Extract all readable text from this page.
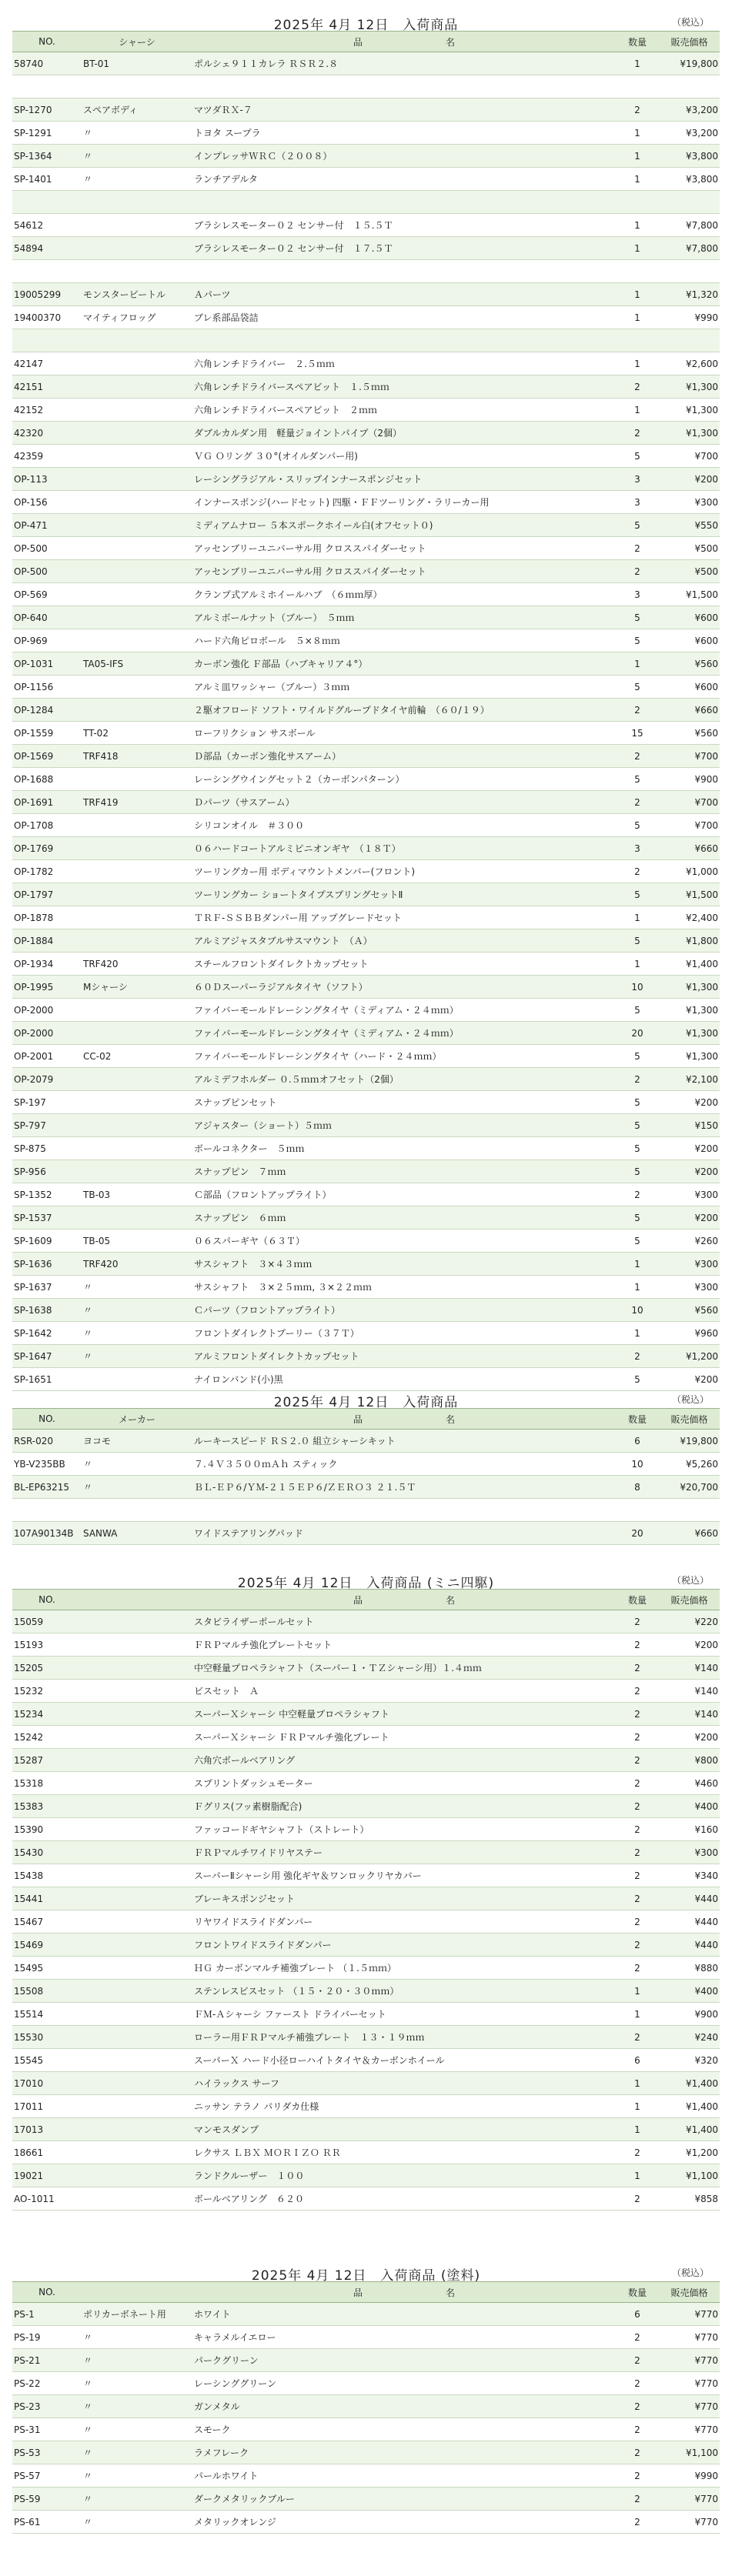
2025年 4月 12日　入荷商品	（税込）
NO.	シャーシ	品　　　　　　　　　名	数量	販売価格
58740	BT-01	ポルシェ９１１カレラ ＲＳＲ２.８	1	¥19,800

SP-1270	スペアボディ	マツダＲＸ-７	2	¥3,200
SP-1291	〃	トヨタ スープラ	1	¥3,200
SP-1364	〃	インプレッサＷＲＣ（２００８）	1	¥3,800
SP-1401	〃	ランチアデルタ	1	¥3,800

54612		ブラシレスモーター０２ センサー付　１５.５Ｔ	1	¥7,800
54894		ブラシレスモーター０２ センサー付　１７.５Ｔ	1	¥7,800

19005299	モンスタービートル	Ａパーツ	1	¥1,320
19400370	マイティフロッグ	ブレ系部品袋詰	1	¥990

42147		六角レンチドライバー　２.５ｍｍ	1	¥2,600
42151		六角レンチドライバースペアビット　１.５ｍｍ	2	¥1,300
42152		六角レンチドライバースペアビット　２ｍｍ	1	¥1,300
42320		ダブルカルダン用　軽量ジョイントパイプ（2個）	2	¥1,300
42359		ＶＧ Ｏリング ３０°(オイルダンパー用)	5	¥700
OP-113		レーシングラジアル・スリップインナースポンジセット	3	¥200
OP-156		インナースポンジ(ハードセット) 四駆・ＦＦツーリング・ラリーカー用	3	¥300
OP-471		ミディアムナロー ５本スポークホイール白(オフセット０)	5	¥550
OP-500		アッセンブリーユニバーサル用 クロススパイダーセット	2	¥500
OP-500		アッセンブリーユニバーサル用 クロススパイダーセット	2	¥500
OP-569		クランプ式アルミホイールハブ　（６ｍｍ厚）	3	¥1,500
OP-640		アルミボールナット（ブルー）　５ｍｍ	5	¥600
OP-969		ハード六角ピロボール　５×８ｍｍ	5	¥600
OP-1031	TA05-IFS	カーボン強化 Ｆ部品（ハブキャリア４°）	1	¥560
OP-1156		アルミ皿ワッシャー（ブルー）３ｍｍ	5	¥600
OP-1284		２駆オフロード ソフト・ワイルドグループドタイヤ前輪　（６０/１９）	2	¥660
OP-1559	TT-02	ローフリクション サスボール	15	¥560
OP-1569	TRF418	Ｄ部品（カーボン強化サスアーム）	2	¥700
OP-1688		レーシングウイングセット２（カーボンパターン）	5	¥900
OP-1691	TRF419	Ｄパーツ（サスアーム）	2	¥700
OP-1708		シリコンオイル　＃３００	5	¥700
OP-1769		０６ハードコートアルミピニオンギヤ　（１８Ｔ）	3	¥660
OP-1782		ツーリングカー用 ボディマウントメンバー(フロント)	2	¥1,000
OP-1797		ツーリングカー ショートタイプスプリングセットⅡ	5	¥1,500
OP-1878		ＴＲＦ-ＳＳＢＢダンパー用 アップグレードセット	1	¥2,400
OP-1884		アルミアジャスタブルサスマウント　（Ａ）	5	¥1,800
OP-1934	TRF420	スチールフロントダイレクトカップセット	1	¥1,400
OP-1995	Mシャーシ	６０Ｄスーパーラジアルタイヤ（ソフト）	10	¥1,300
OP-2000		ファイバーモールドレーシングタイヤ（ミディアム・２４ｍｍ）	5	¥1,300
OP-2000		ファイバーモールドレーシングタイヤ（ミディアム・２４ｍｍ）	20	¥1,300
OP-2001	CC-02	ファイバーモールドレーシングタイヤ（ハード・２４ｍｍ）	5	¥1,300
OP-2079		アルミデフホルダー ０.５ｍｍオフセット（2個）	2	¥2,100
SP-197		スナップピンセット	5	¥200
SP-797		アジャスター（ショート）５ｍｍ	5	¥150
SP-875		ボールコネクター　５ｍｍ	5	¥200
SP-956		スナップピン　７ｍｍ	5	¥200
SP-1352	TB-03	Ｃ部品（フロントアップライト）	2	¥300
SP-1537		スナップピン　６ｍｍ	5	¥200
SP-1609	TB-05	０６スパーギヤ（６３Ｔ）	5	¥260
SP-1636	TRF420	サスシャフト　３×４３ｍｍ	1	¥300
SP-1637	〃	サスシャフト　３×２５ｍｍ, ３×２２ｍｍ	1	¥300
SP-1638	〃	Ｃパーツ（フロントアップライト）	10	¥560
SP-1642	〃	フロントダイレクトプーリー（３７Ｔ）	1	¥960
SP-1647	〃	アルミフロントダイレクトカップセット	2	¥1,200
SP-1651		ナイロンバンド(小)黒	5	¥200
2025年 4月 12日　入荷商品	（税込）
NO.	メーカー	品　　　　　　　　　名	数量	販売価格
RSR-020	ヨコモ	ルーキースピード ＲＳ２.０ 組立シャーシキット	6	¥19,800
YB-V235BB	〃	７.４Ｖ３５００ｍＡｈ スティック	10	¥5,260
BL-EP63215	〃	ＢＬ-ＥＰ６/ＹＭ-２１５ＥＰ６/ＺＥＲＯ３ ２１.５Ｔ	8	¥20,700

107A90134B	SANWA	ワイドステアリングパッド	20	¥660
2025年 4月 12日　入荷商品 (ミニ四駆)	（税込）
NO.		品　　　　　　　　　名	数量	販売価格
15059		スタビライザーポールセット	2	¥220
15193		ＦＲＰマルチ強化プレートセット	2	¥200
15205		中空軽量プロペラシャフト（スーパー１・ＴＺシャーシ用）１.４ｍｍ	2	¥140
15232		ビスセット　Ａ	2	¥140
15234		スーパーＸシャーシ 中空軽量プロペラシャフト	2	¥140
15242		スーパーＸシャーシ ＦＲＰマルチ強化プレート	2	¥200
15287		六角穴ボールベアリング	2	¥800
15318		スプリントダッシュモーター	2	¥460
15383		Ｆグリス(フッ素樹脂配合)	2	¥400
15390		ファッコードギヤシャフト（ストレート）	2	¥160
15430		ＦＲＰマルチワイドリヤステー	2	¥300
15438		スーパーⅡシャーシ用 強化ギヤ＆ワンロックリヤカバー	2	¥340
15441		ブレーキスポンジセット	2	¥440
15467		リヤワイドスライドダンパー	2	¥440
15469		フロントワイドスライドダンパー	2	¥440
15495		ＨＧ カーボンマルチ補強プレート （１.５ｍｍ）	2	¥880
15508		ステンレスビスセット （１５・２０・３０ｍｍ）	1	¥400
15514		ＦＭ-Ａシャーシ ファースト ドライバーセット	1	¥900
15530		ローラー用ＦＲＰマルチ補強プレート　１３・１９ｍｍ	2	¥240
15545		スーパーＸ ハード小径ローハイトタイヤ＆カーボンホイール	6	¥320
17010		ハイラックス サーフ	1	¥1,400
17011		ニッサン テラノ パリダカ仕様	1	¥1,400
17013		マンモスダンプ	1	¥1,400
18661		レクサス ＬＢＸ ＭＯＲＩＺＯ ＲＲ	2	¥1,200
19021		ランドクルーザー　１００	1	¥1,100
AO-1011		ボールベアリング　６２０	2	¥858
2025年 4月 12日　入荷商品 (塗料)	（税込）
NO.		品　　　　　　　　　名	数量	販売価格
PS-1	ポリカーボネート用	ホワイト	6	¥770
PS-19	〃	キャラメルイエロー	2	¥770
PS-21	〃	パークグリーン	2	¥770
PS-22	〃	レーシンググリーン	2	¥770
PS-23	〃	ガンメタル	2	¥770
PS-31	〃	スモーク	2	¥770
PS-53	〃	ラメフレーク	2	¥1,100
PS-57	〃	パールホワイト	2	¥990
PS-59	〃	ダークメタリックブルー	2	¥770
PS-61	〃	メタリックオレンジ	2	¥770
